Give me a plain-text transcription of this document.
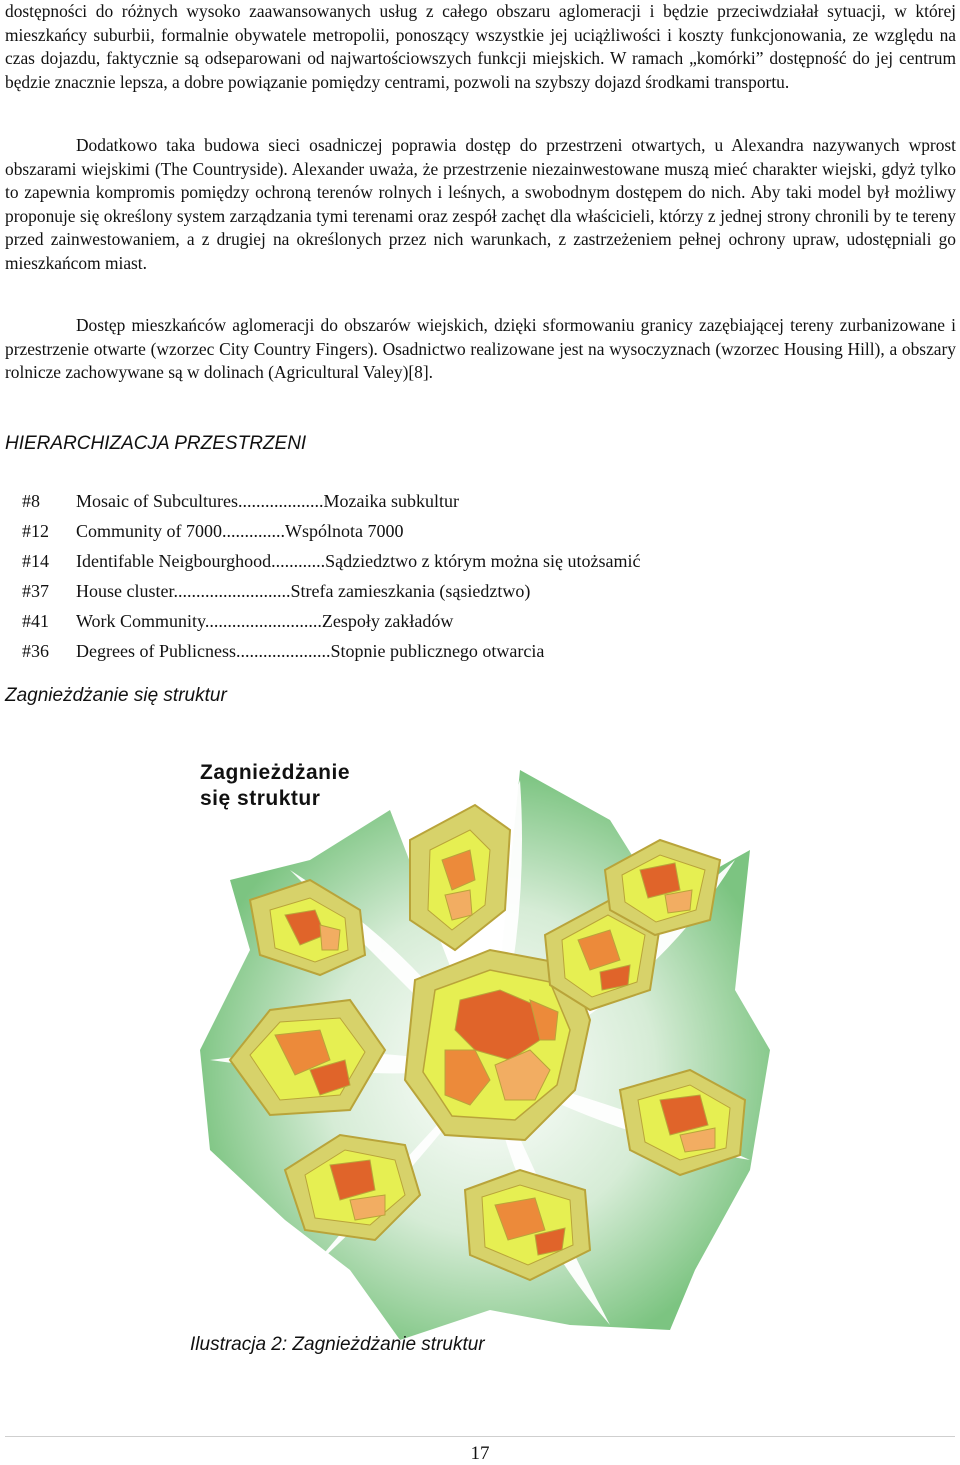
dostępności do różnych wysoko zaawansowanych usług z całego obszaru aglomeracji i będzie przeciwdziałał sytuacji, w której mieszkańcy suburbii, formalnie obywatele metropolii, ponoszący wszystkie jej uciążliwości i koszty funkcjonowania, ze względu na czas dojazdu, faktycznie są odseparowani od najwartościowszych funkcji miejskich. W ramach „komórki” dostępność do jej centrum będzie znacznie lepsza, a dobre powiązanie pomiędzy centrami, pozwoli na szybszy dojazd środkami transportu.

Dodatkowo taka budowa sieci osadniczej poprawia dostęp do przestrzeni otwartych, u Alexandra nazywanych wprost obszarami wiejskimi (The Countryside). Alexander uważa, że przestrzenie niezainwestowane muszą mieć charakter wiejski, gdyż tylko to zapewnia kompromis pomiędzy ochroną terenów rolnych i leśnych, a swobodnym dostępem do nich. Aby taki model był możliwy proponuje się określony system zarządzania tymi terenami oraz zespół zachęt dla właścicieli, którzy z jednej strony chronili by te tereny przed zainwestowaniem, a z drugiej na określonych przez nich warunkach, z zastrzeżeniem pełnej ochrony upraw, udostępniali go mieszkańcom miast.

Dostęp mieszkańców aglomeracji do obszarów wiejskich, dzięki sformowaniu granicy zazębiającej tereny zurbanizowane i przestrzenie otwarte (wzorzec City Country Fingers). Osadnictwo realizowane jest na wysoczyznach (wzorzec Housing Hill), a obszary rolnicze zachowywane są w dolinach (Agricultural Valey)[8].

HIERARCHIZACJA PRZESTRZENI

#8	Mosaic of Subcultures...................Mozaika subkultur
#12	Community of 7000..............Wspólnota 7000
#14	Identifable Neigbourghood............Sądziedztwo z którym można się utożsamić
#37	House cluster..........................Strefa zamieszkania (sąsiedztwo)
#41	Work Community..........................Zespoły zakładów
#36	Degrees of Publicness.....................Stopnie publicznego otwarcia

Zagnieżdżanie się struktur

Zagnieżdżanie
się struktur
Ilustracja 2: Zagnieżdżanie struktur
17
